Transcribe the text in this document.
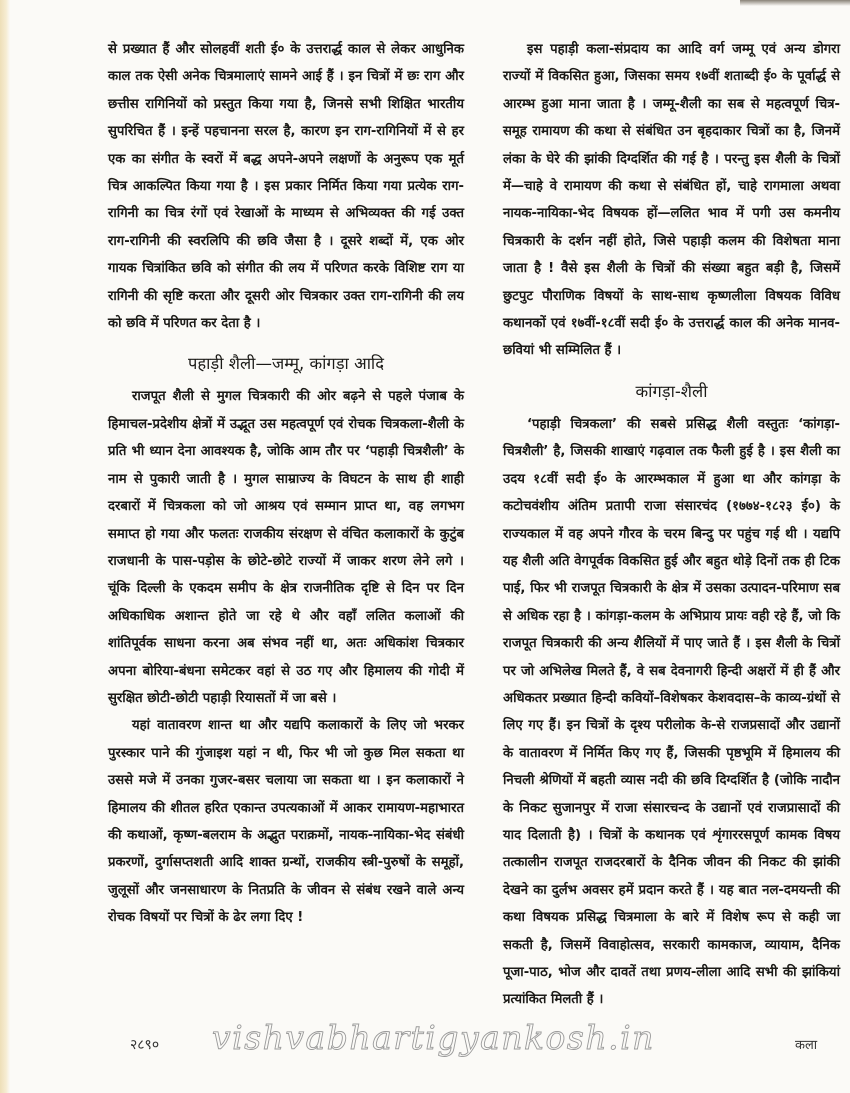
से प्रख्यात हैं और सोलहवीं शती ई० के उत्तरार्द्ध काल से लेकर आधुनिक काल तक ऐसी अनेक चित्रमालाएं सामने आई हैं । इन चित्रों में छः राग और छत्तीस रागिनियों को प्रस्तुत किया गया है, जिनसे सभी शिक्षित भारतीय सुपरिचित हैं । इन्हें पहचानना सरल है, कारण इन राग-रागिनियों में से हर एक का संगीत के स्वरों में बद्ध अपने-अपने लक्षणों के अनुरूप एक मूर्त चित्र आकल्पित किया गया है । इस प्रकार निर्मित किया गया प्रत्येक राग-रागिनी का चित्र रंगों एवं रेखाओं के माध्यम से अभिव्यक्त की गई उक्त राग-रागिनी की स्वरलिपि की छवि जैसा है । दूसरे शब्दों में, एक ओर गायक चित्रांकित छवि को संगीत की लय में परिणत करके विशिष्ट राग या रागिनी की सृष्टि करता और दूसरी ओर चित्रकार उक्त राग-रागिनी की लय को छवि में परिणत कर देता है ।

पहाड़ी शैली—जम्मू, कांगड़ा आदि

राजपूत शैली से मुगल चित्रकारी की ओर बढ़ने से पहले पंजाब के हिमाचल-प्रदेशीय क्षेत्रों में उद्भूत उस महत्वपूर्ण एवं रोचक चित्रकला-शैली के प्रति भी ध्यान देना आवश्यक है, जोकि आम तौर पर ‘पहाड़ी चित्रशैली’ के नाम से पुकारी जाती है । मुगल साम्राज्य के विघटन के साथ ही शाही दरबारों में चित्रकला को जो आश्रय एवं सम्मान प्राप्त था, वह लगभग समाप्त हो गया और फलतः राजकीय संरक्षण से वंचित कलाकारों के कुटुंब राजधानी के पास-पड़ोस के छोटे-छोटे राज्यों में जाकर शरण लेने लगे । चूंकि दिल्ली के एकदम समीप के क्षेत्र राजनीतिक दृष्टि से दिन पर दिन अधिकाधिक अशान्त होते जा रहे थे और वहाँ ललित कलाओं की शांतिपूर्वक साधना करना अब संभव नहीं था, अतः अधिकांश चित्रकार अपना बोरिया-बंधना समेटकर वहां से उठ गए और हिमालय की गोदी में सुरक्षित छोटी-छोटी पहाड़ी रियासतों में जा बसे ।

यहां वातावरण शान्त था और यद्यपि कलाकारों के लिए जो भरकर पुरस्कार पाने की गुंजाइश यहां न थी, फिर भी जो कुछ मिल सकता था उससे मजे में उनका गुजर-बसर चलाया जा सकता था । इन कलाकारों ने हिमालय की शीतल हरित एकान्त उपत्यकाओं में आकर रामायण-महाभारत की कथाओं, कृष्ण-बलराम के अद्भुत पराक्रमों, नायक-नायिका-भेद संबंधी प्रकरणों, दुर्गासप्तशती आदि शाक्त ग्रन्थों, राजकीय स्त्री-पुरुषों के समूहों, जुलूसों और जनसाधारण के नितप्रति के जीवन से संबंध रखने वाले अन्य रोचक विषयों पर चित्रों के ढेर लगा दिए !

इस पहाड़ी कला-संप्रदाय का आदि वर्ग जम्मू एवं अन्य डोगरा राज्यों में विकसित हुआ, जिसका समय १७वीं शताब्दी ई० के पूर्वार्द्ध से आरम्भ हुआ माना जाता है । जम्मू-शैली का सब से महत्वपूर्ण चित्र-समूह रामायण की कथा से संबंधित उन बृहदाकार चित्रों का है, जिनमें लंका के घेरे की झांकी दिग्दर्शित की गई है । परन्तु इस शैली के चित्रों में—चाहे वे रामायण की कथा से संबंधित हों, चाहे रागमाला अथवा नायक-नायिका-भेद विषयक हों—ललित भाव में पगी उस कमनीय चित्रकारी के दर्शन नहीं होते, जिसे पहाड़ी कलम की विशेषता माना जाता है ! वैसे इस शैली के चित्रों की संख्या बहुत बड़ी है, जिसमें छुटपुट पौराणिक विषयों के साथ-साथ कृष्णलीला विषयक विविध कथानकों एवं १७वीं-१८वीं सदी ई० के उत्तरार्द्ध काल की अनेक मानव-छवियां भी सम्मिलित हैं ।

कांगड़ा-शैली

‘पहाड़ी चित्रकला’ की सबसे प्रसिद्ध शैली वस्तुतः ‘कांगड़ा-चित्रशैली’ है, जिसकी शाखाएं गढ़वाल तक फैली हुई है । इस शैली का उदय १८वीं सदी ई० के आरम्भकाल में हुआ था और कांगड़ा के कटोचवंशीय अंतिम प्रतापी राजा संसारचंद (१७७४-१८२३ ई०) के राज्यकाल में वह अपने गौरव के चरम बिन्दु पर पहुंच गई थी । यद्यपि यह शैली अति वेगपूर्वक विकसित हुई और बहुत थोड़े दिनों तक ही टिक पाई, फिर भी राजपूत चित्रकारी के क्षेत्र में उसका उत्पादन-परिमाण सब से अधिक रहा है । कांगड़ा-कलम के अभिप्राय प्रायः वही रहे हैं, जो कि राजपूत चित्रकारी की अन्य शैलियों में पाए जाते हैं । इस शैली के चित्रों पर जो अभिलेख मिलते हैं, वे सब देवनागरी हिन्दी अक्षरों में ही हैं और अधिकतर प्रख्यात हिन्दी कवियों–विशेषकर केशवदास–के काव्य-ग्रंथों से लिए गए हैं। इन चित्रों के दृश्य परीलोक के-से राजप्रसादों और उद्यानों के वातावरण में निर्मित किए गए हैं, जिसकी पृष्ठभूमि में हिमालय की निचली श्रेणियों में बहती व्यास नदी की छवि दिग्दर्शित है (जोकि नादौन के निकट सुजानपुर में राजा संसारचन्द के उद्यानों एवं राजप्रासादों की याद दिलाती है) । चित्रों के कथानक एवं शृंगाररसपूर्ण कामक विषय तत्कालीन राजपूत राजदरबारों के दैनिक जीवन की निकट की झांकी देखने का दुर्लभ अवसर हमें प्रदान करते हैं । यह बात नल-दमयन्ती की कथा विषयक प्रसिद्ध चित्रमाला के बारे में विशेष रूप से कही जा सकती है, जिसमें विवाहोत्सव, सरकारी कामकाज, व्यायाम, दैनिक पूजा-पाठ, भोज और दावतें तथा प्रणय-लीला आदि सभी की झांकियां प्रत्यांकित मिलती हैं ।

२८९० vishvabhartigyankosh.in	कला
